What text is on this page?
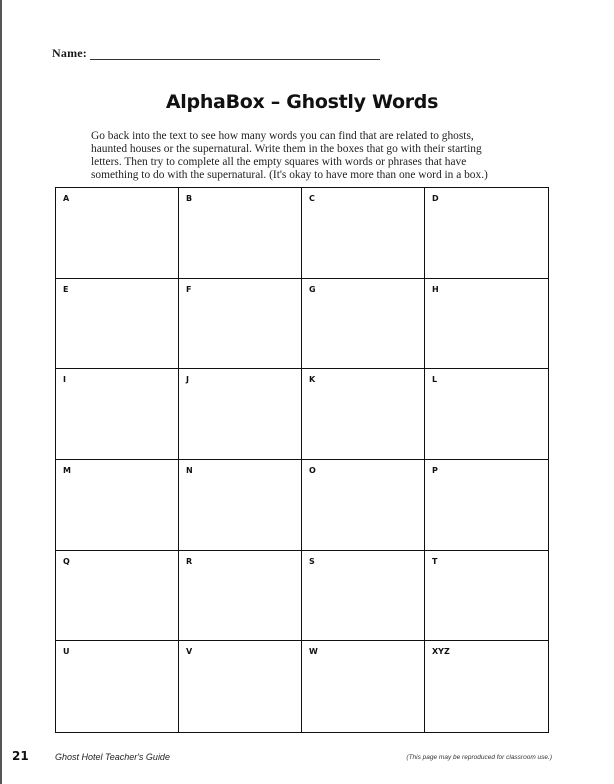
Name:
AlphaBox – Ghostly Words
Go back into the text to see how many words you can find that are related to ghosts, haunted houses or the supernatural. Write them in the boxes that go with their starting letters. Then try to complete all the empty squares with words or phrases that have something to do with the supernatural. (It's okay to have more than one word in a box.)
A	B	C	D
E	F	G	H
I	J	K	L
M	N	O	P
Q	R	S	T
U	V	W	XYZ
21	Ghost Hotel Teacher's Guide	(This page may be reproduced for classroom use.)
